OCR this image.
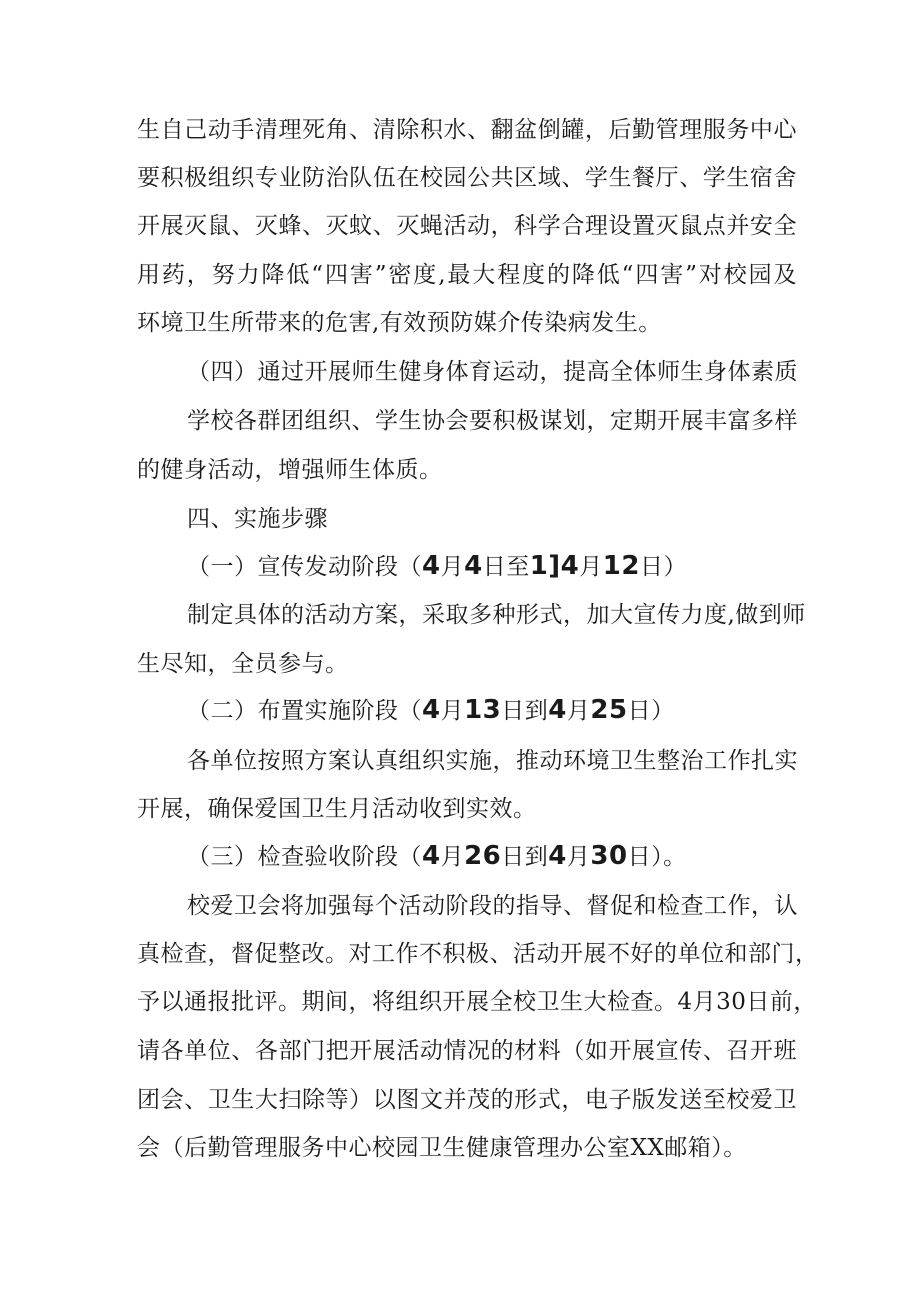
生自己动手清理死角、清除积水、翻盆倒罐，后勤管理服务中心
要积极组织专业防治队伍在校园公共区域、学生餐厅、学生宿舍
开展灭鼠、灭蜂、灭蚊、灭蝇活动，科学合理设置灭鼠点并安全
用药，努力降低“四害”密度,最大程度的降低“四害”对校园及
环境卫生所带来的危害,有效预防媒介传染病发生。
（四）通过开展师生健身体育运动，提高全体师生身体素质
学校各群团组织、学生协会要积极谋划，定期开展丰富多样
的健身活动，增强师生体质。
四、实施步骤
（一）宣传发动阶段（4月4日至1]4月12日）
制定具体的活动方案，采取多种形式，加大宣传力度,做到师
生尽知，全员参与。
（二）布置实施阶段（4月13日到4月25日）
各单位按照方案认真组织实施，推动环境卫生整治工作扎实
开展，确保爱国卫生月活动收到实效。
（三）检查验收阶段（4月26日到4月30日）。
校爱卫会将加强每个活动阶段的指导、督促和检查工作，认
真检查，督促整改。对工作不积极、活动开展不好的单位和部门，
予以通报批评。期间，将组织开展全校卫生大检查。4月30日前，
请各单位、各部门把开展活动情况的材料（如开展宣传、召开班
团会、卫生大扫除等）以图文并茂的形式，电子版发送至校爱卫
会（后勤管理服务中心校园卫生健康管理办公室XX邮箱）。
